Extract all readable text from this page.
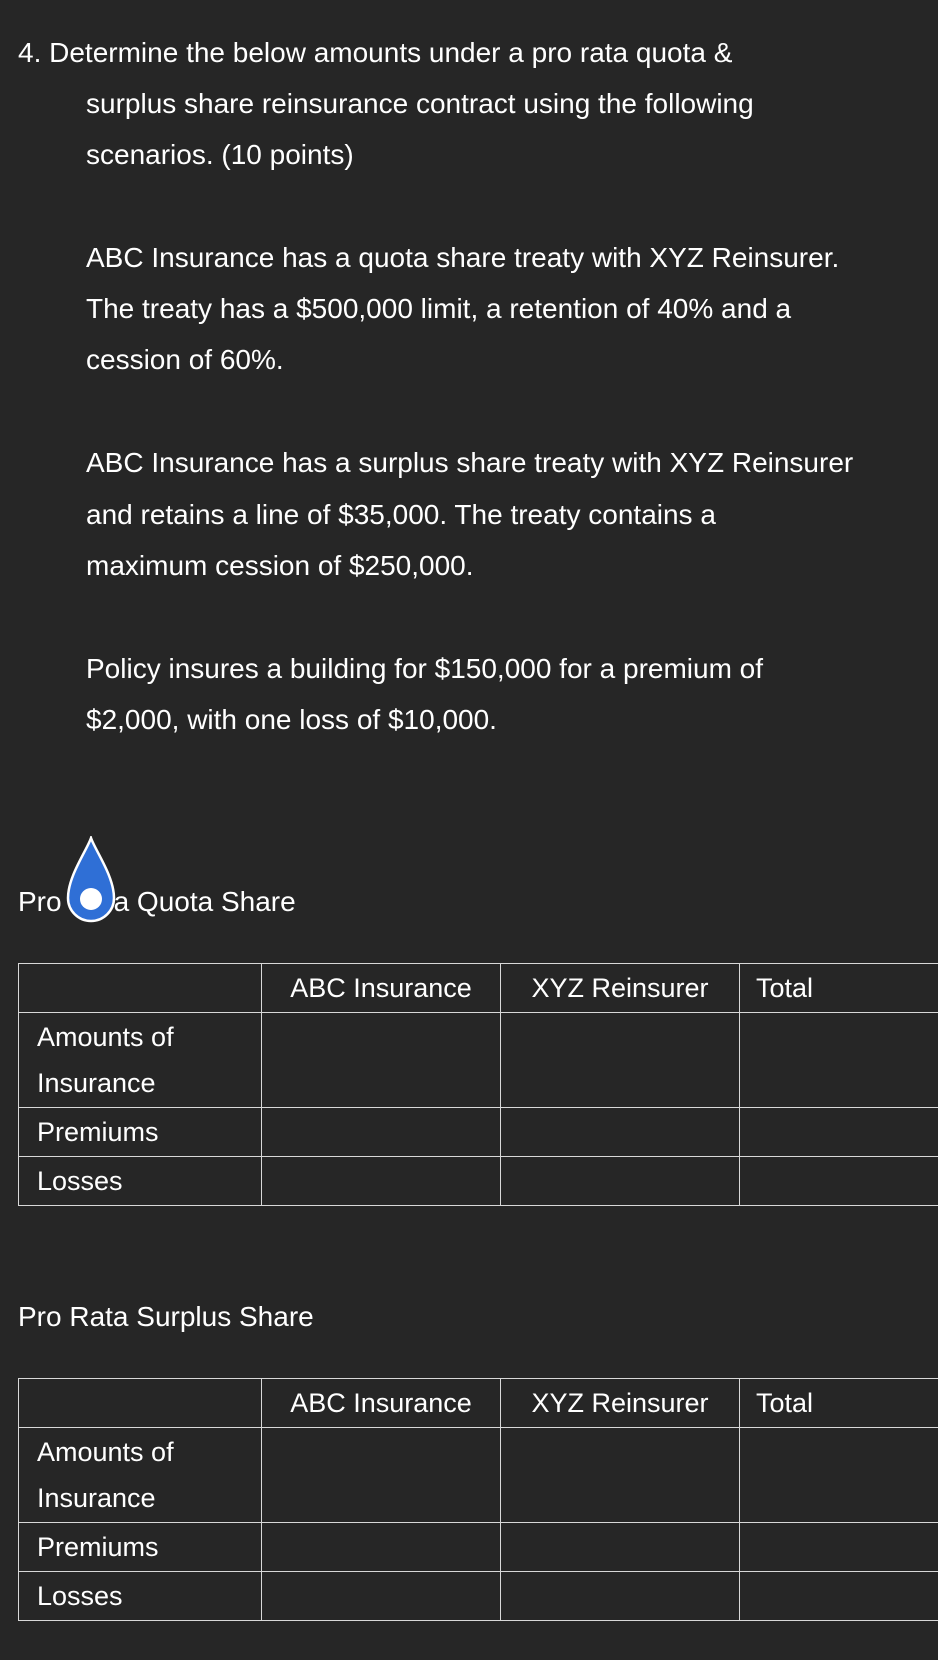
4. Determine the below amounts under a pro rata quota &
surplus share reinsurance contract using the following
scenarios. (10 points)
ABC Insurance has a quota share treaty with XYZ Reinsurer.
The treaty has a $500,000 limit, a retention of 40% and a
cession of 60%.
ABC Insurance has a surplus share treaty with XYZ Reinsurer
and retains a line of $35,000. The treaty contains a
maximum cession of $250,000.
Policy insures a building for $150,000 for a premium of
$2,000, with one loss of $10,000.
Pro a Quota Share
	ABC Insurance	XYZ Reinsurer	Total

Amounts of
Insurance			

Premiums			
Losses			
Pro Rata Surplus Share
	ABC Insurance	XYZ Reinsurer	Total

Amounts of
Insurance			

Premiums			
Losses			
